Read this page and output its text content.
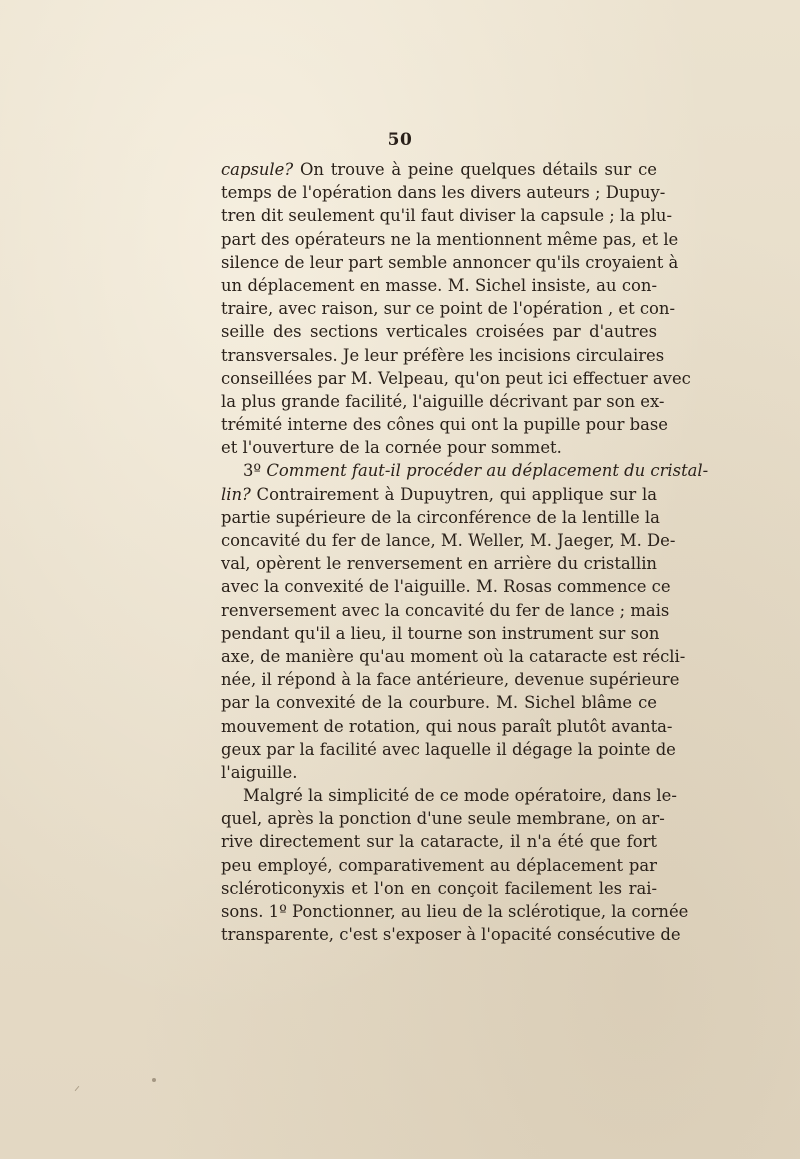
50
capsule? On trouve à peine quelques détails sur ce
temps de l'opération dans les divers auteurs ; Dupuy-
tren dit seulement qu'il faut diviser la capsule ; la plu-
part des opérateurs ne la mentionnent même pas, et le
silence de leur part semble annoncer qu'ils croyaient à
un déplacement en masse. M. Sichel insiste, au con-
traire, avec raison, sur ce point de l'opération , et con-
seille des sections verticales croisées par d'autres
transversales. Je leur préfère les incisions circulaires
conseillées par M. Velpeau, qu'on peut ici effectuer avec
la plus grande facilité, l'aiguille décrivant par son ex-
trémité interne des cônes qui ont la pupille pour base
et l'ouverture de la cornée pour sommet.
3º Comment faut-il procéder au déplacement du cristal-
lin? Contrairement à Dupuytren, qui applique sur la
partie supérieure de la circonférence de la lentille la
concavité du fer de lance, M. Weller, M. Jaeger, M. De-
val, opèrent le renversement en arrière du cristallin
avec la convexité de l'aiguille. M. Rosas commence ce
renversement avec la concavité du fer de lance ; mais
pendant qu'il a lieu, il tourne son instrument sur son
axe, de manière qu'au moment où la cataracte est récli-
née, il répond à la face antérieure, devenue supérieure
par la convexité de la courbure. M. Sichel blâme ce
mouvement de rotation, qui nous paraît plutôt avanta-
geux par la facilité avec laquelle il dégage la pointe de
l'aiguille.
Malgré la simplicité de ce mode opératoire, dans le-
quel, après la ponction d'une seule membrane, on ar-
rive directement sur la cataracte, il n'a été que fort
peu employé, comparativement au déplacement par
scléroticonyxis et l'on en conçoit facilement les rai-
sons. 1º Ponctionner, au lieu de la sclérotique, la cornée
transparente, c'est s'exposer à l'opacité consécutive de
